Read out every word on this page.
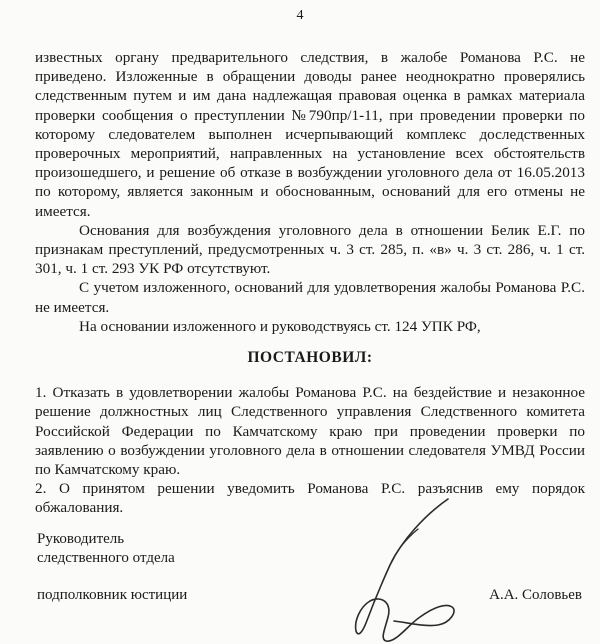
4

известных органу предварительного следствия, в жалобе Романова Р.С. не приведено. Изложенные в обращении доводы ранее неоднократно проверялись следственным путем и им дана надлежащая правовая оценка в рамках материала проверки сообщения о преступлении №790пр/1-11, при проведении проверки по которому следователем выполнен исчерпывающий комплекс доследственных проверочных мероприятий, направленных на установление всех обстоятельств произошедшего, и решение об отказе в возбуждении уголовного дела от 16.05.2013 по которому, является законным и обоснованным, оснований для его отмены не имеется.

Основания для возбуждения уголовного дела в отношении Белик Е.Г. по признакам преступлений, предусмотренных ч. 3 ст. 285, п. «в» ч. 3 ст. 286, ч. 1 ст. 301, ч. 1 ст. 293 УК РФ отсутствуют.

С учетом изложенного, оснований для удовлетворения жалобы Романова Р.С. не имеется.

На основании изложенного и руководствуясь ст. 124 УПК РФ,

ПОСТАНОВИЛ:

1. Отказать в удовлетворении жалобы Романова Р.С. на бездействие и незаконное решение должностных лиц Следственного управления Следственного комитета Российской Федерации по Камчатскому краю при проведении проверки по заявлению о возбуждении уголовного дела в отношении следователя УМВД России по Камчатскому краю.

2. О принятом решении уведомить Романова Р.С. разъяснив ему порядок обжалования.

Руководитель
следственного отдела
подполковник юстиции	А.А. Соловьев
